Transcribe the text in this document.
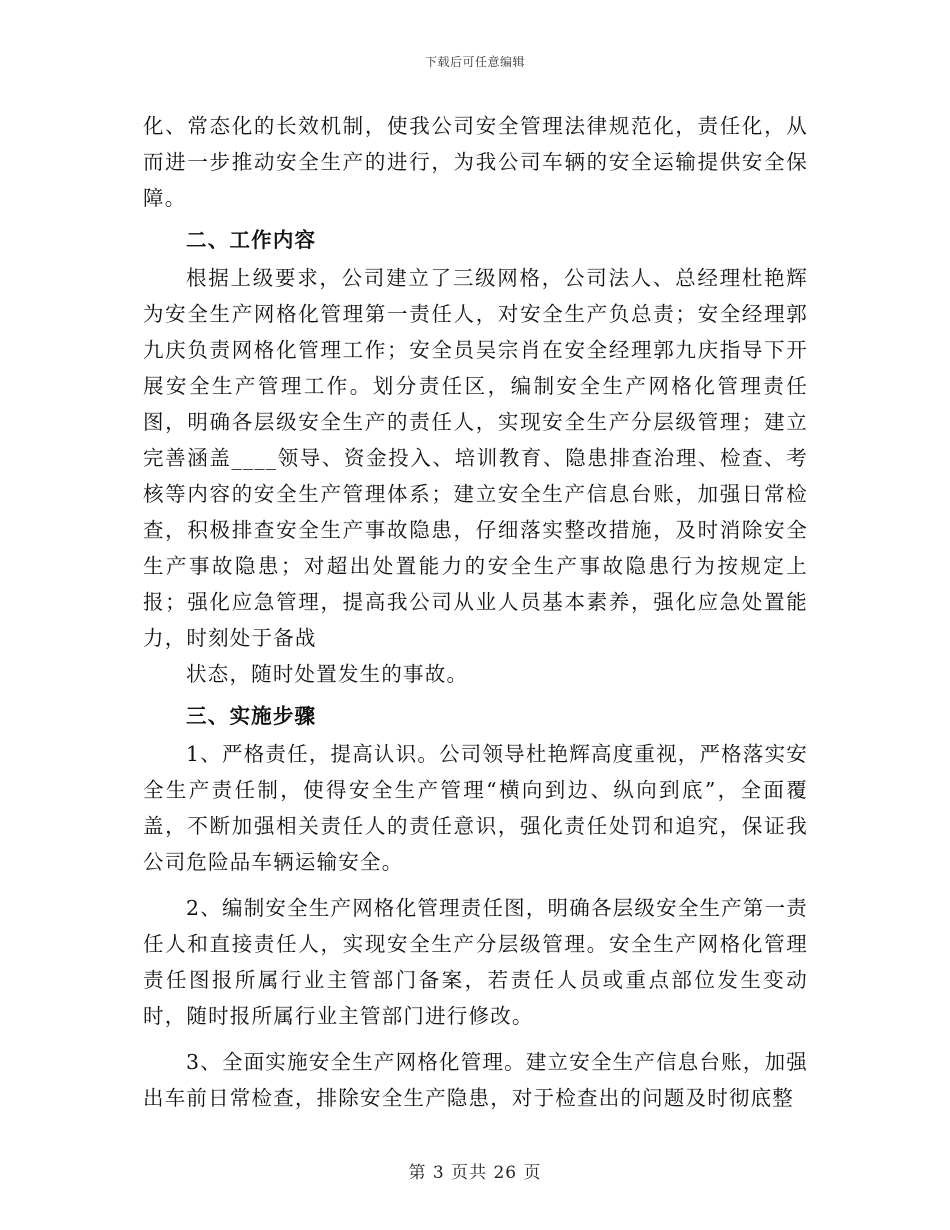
下载后可任意编辑

化、常态化的长效机制，使我公司安全管理法律规范化，责任化，从而进一步推动安全生产的进行，为我公司车辆的安全运输提供安全保障。

二、工作内容

根据上级要求，公司建立了三级网格，公司法人、总经理杜艳辉为安全生产网格化管理第一责任人，对安全生产负总责；安全经理郭九庆负责网格化管理工作；安全员吴宗肖在安全经理郭九庆指导下开展安全生产管理工作。划分责任区，编制安全生产网格化管理责任图，明确各层级安全生产的责任人，实现安全生产分层级管理；建立完善涵盖____领导、资金投入、培训教育、隐患排查治理、检查、考核等内容的安全生产管理体系；建立安全生产信息台账，加强日常检查，积极排查安全生产事故隐患，仔细落实整改措施，及时消除安全生产事故隐患；对超出处置能力的安全生产事故隐患行为按规定上报；强化应急管理，提高我公司从业人员基本素养，强化应急处置能力，时刻处于备战

状态，随时处置发生的事故。

三、实施步骤

1、严格责任，提高认识。公司领导杜艳辉高度重视，严格落实安全生产责任制，使得安全生产管理“横向到边、纵向到底”，全面覆盖，不断加强相关责任人的责任意识，强化责任处罚和追究，保证我公司危险品车辆运输安全。

2、编制安全生产网格化管理责任图，明确各层级安全生产第一责任人和直接责任人，实现安全生产分层级管理。安全生产网格化管理责任图报所属行业主管部门备案，若责任人员或重点部位发生变动时，随时报所属行业主管部门进行修改。

3、全面实施安全生产网格化管理。建立安全生产信息台账，加强出车前日常检查，排除安全生产隐患，对于检查出的问题及时彻底整

第 3 页共 26 页
